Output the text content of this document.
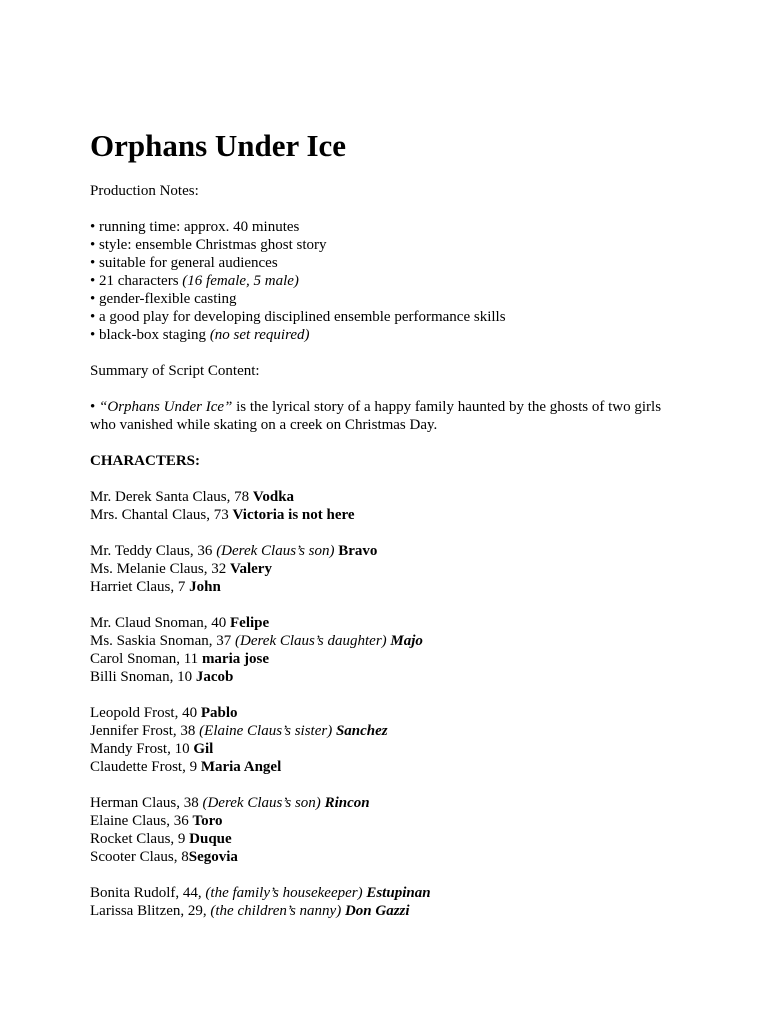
Orphans Under Ice
Production Notes:
• running time: approx. 40 minutes
• style: ensemble Christmas ghost story
• suitable for general audiences
• 21 characters (16 female, 5 male)
• gender-flexible casting
• a good play for developing disciplined ensemble performance skills
• black-box staging (no set required)
Summary of Script Content:
• “Orphans Under Ice” is the lyrical story of a happy family haunted by the ghosts of two girls
who vanished while skating on a creek on Christmas Day.
CHARACTERS:
Mr. Derek Santa Claus, 78 Vodka
Mrs. Chantal Claus, 73 Victoria is not here
Mr. Teddy Claus, 36 (Derek Claus’s son) Bravo
Ms. Melanie Claus, 32 Valery
Harriet Claus, 7 John
Mr. Claud Snoman, 40 Felipe
Ms. Saskia Snoman, 37 (Derek Claus’s daughter) Majo
Carol Snoman, 11 maria jose
Billi Snoman, 10 Jacob
Leopold Frost, 40 Pablo
Jennifer Frost, 38 (Elaine Claus’s sister) Sanchez
Mandy Frost, 10 Gil
Claudette Frost, 9 Maria Angel
Herman Claus, 38 (Derek Claus’s son) Rincon
Elaine Claus, 36 Toro
Rocket Claus, 9 Duque
Scooter Claus, 8Segovia
Bonita Rudolf, 44, (the family’s housekeeper) Estupinan
Larissa Blitzen, 29, (the children’s nanny) Don Gazzi
